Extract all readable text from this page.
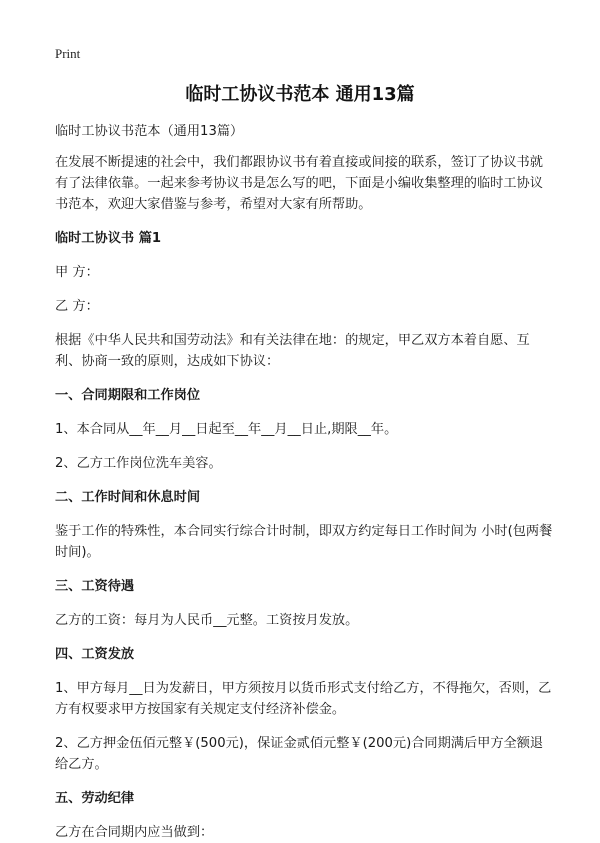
Print
临时工协议书范本 通用13篇

临时工协议书范本（通用13篇）

在发展不断提速的社会中，我们都跟协议书有着直接或间接的联系，签订了协议书就有了法律依靠。一起来参考协议书是怎么写的吧，下面是小编收集整理的临时工协议书范本，欢迎大家借鉴与参考，希望对大家有所帮助。

临时工协议书 篇1

甲 方：

乙 方：

根据《中华人民共和国劳动法》和有关法律在地：的规定，甲乙双方本着自愿、互利、协商一致的原则，达成如下协议：

一、合同期限和工作岗位

1、本合同从__年__月__日起至__年__月__日止,期限__年。

2、乙方工作岗位洗车美容。

二、工作时间和休息时间

鉴于工作的特殊性，本合同实行综合计时制，即双方约定每日工作时间为 小时(包两餐时间)。

三、工资待遇

乙方的工资：每月为人民币__元整。工资按月发放。

四、工资发放

1、甲方每月__日为发薪日，甲方须按月以货币形式支付给乙方，不得拖欠，否则，乙方有权要求甲方按国家有关规定支付经济补偿金。

2、乙方押金伍佰元整￥(500元)，保证金贰佰元整￥(200元)合同期满后甲方全额退给乙方。

五、劳动纪律

乙方在合同期内应当做到：
